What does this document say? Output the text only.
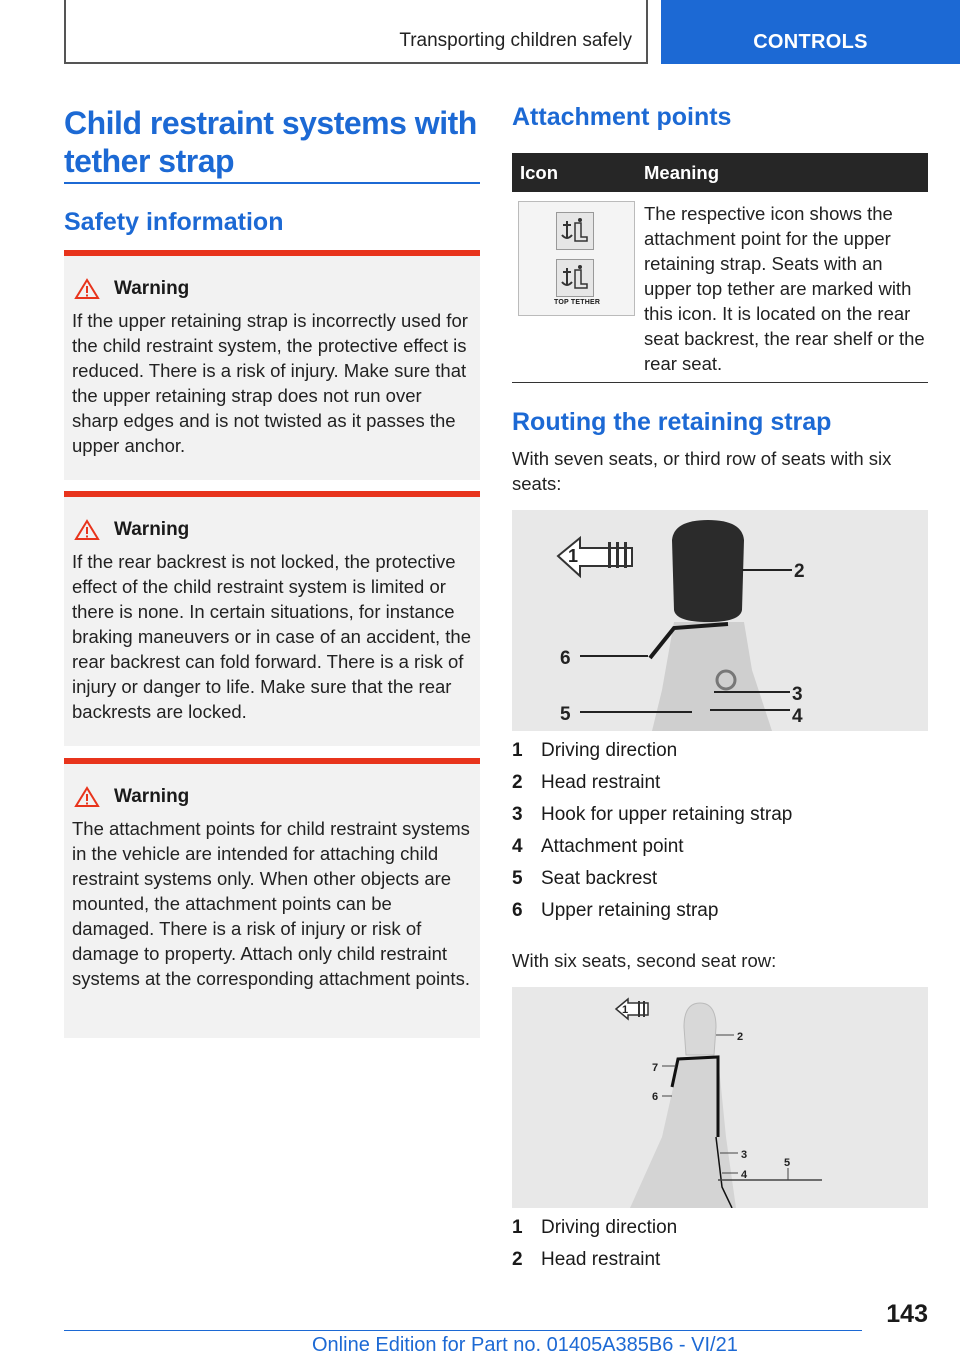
Transporting children safely	CONTROLS
Child restraint systems with tether strap
Safety information
Warning
If the upper retaining strap is incorrectly used for the child restraint system, the protective effect is reduced. There is a risk of injury. Make sure that the upper retaining strap does not run over sharp edges and is not twisted as it passes the upper anchor.
Warning
If the rear backrest is not locked, the protective effect of the child restraint system is limited or there is none. In certain situations, for instance braking maneuvers or in case of an accident, the rear backrest can fold forward. There is a risk of injury or danger to life. Make sure that the rear backrests are locked.
Warning
The attachment points for child restraint systems in the vehicle are intended for attaching child restraint systems only. When other objects are mounted, the attachment points can be damaged. There is a risk of injury or risk of damage to property. Attach only child restraint systems at the corresponding attachment points.
Attachment points
Icon	Meaning
TOP TETHER
The respective icon shows the attachment point for the upper retaining strap. Seats with an upper top tether are marked with this icon. It is located on the rear seat backrest, the rear shelf or the rear seat.
Routing the retaining strap
With seven seats, or third row of seats with six seats:
1
2
6
3
5	4
1 Driving direction
2 Head restraint
3 Hook for upper retaining strap
4 Attachment point
5 Seat backrest
6 Upper retaining strap
With six seats, second seat row:
1
2
7
6
3
4
5
1 Driving direction
2 Head restraint
143
Online Edition for Part no. 01405A385B6 - VI/21
